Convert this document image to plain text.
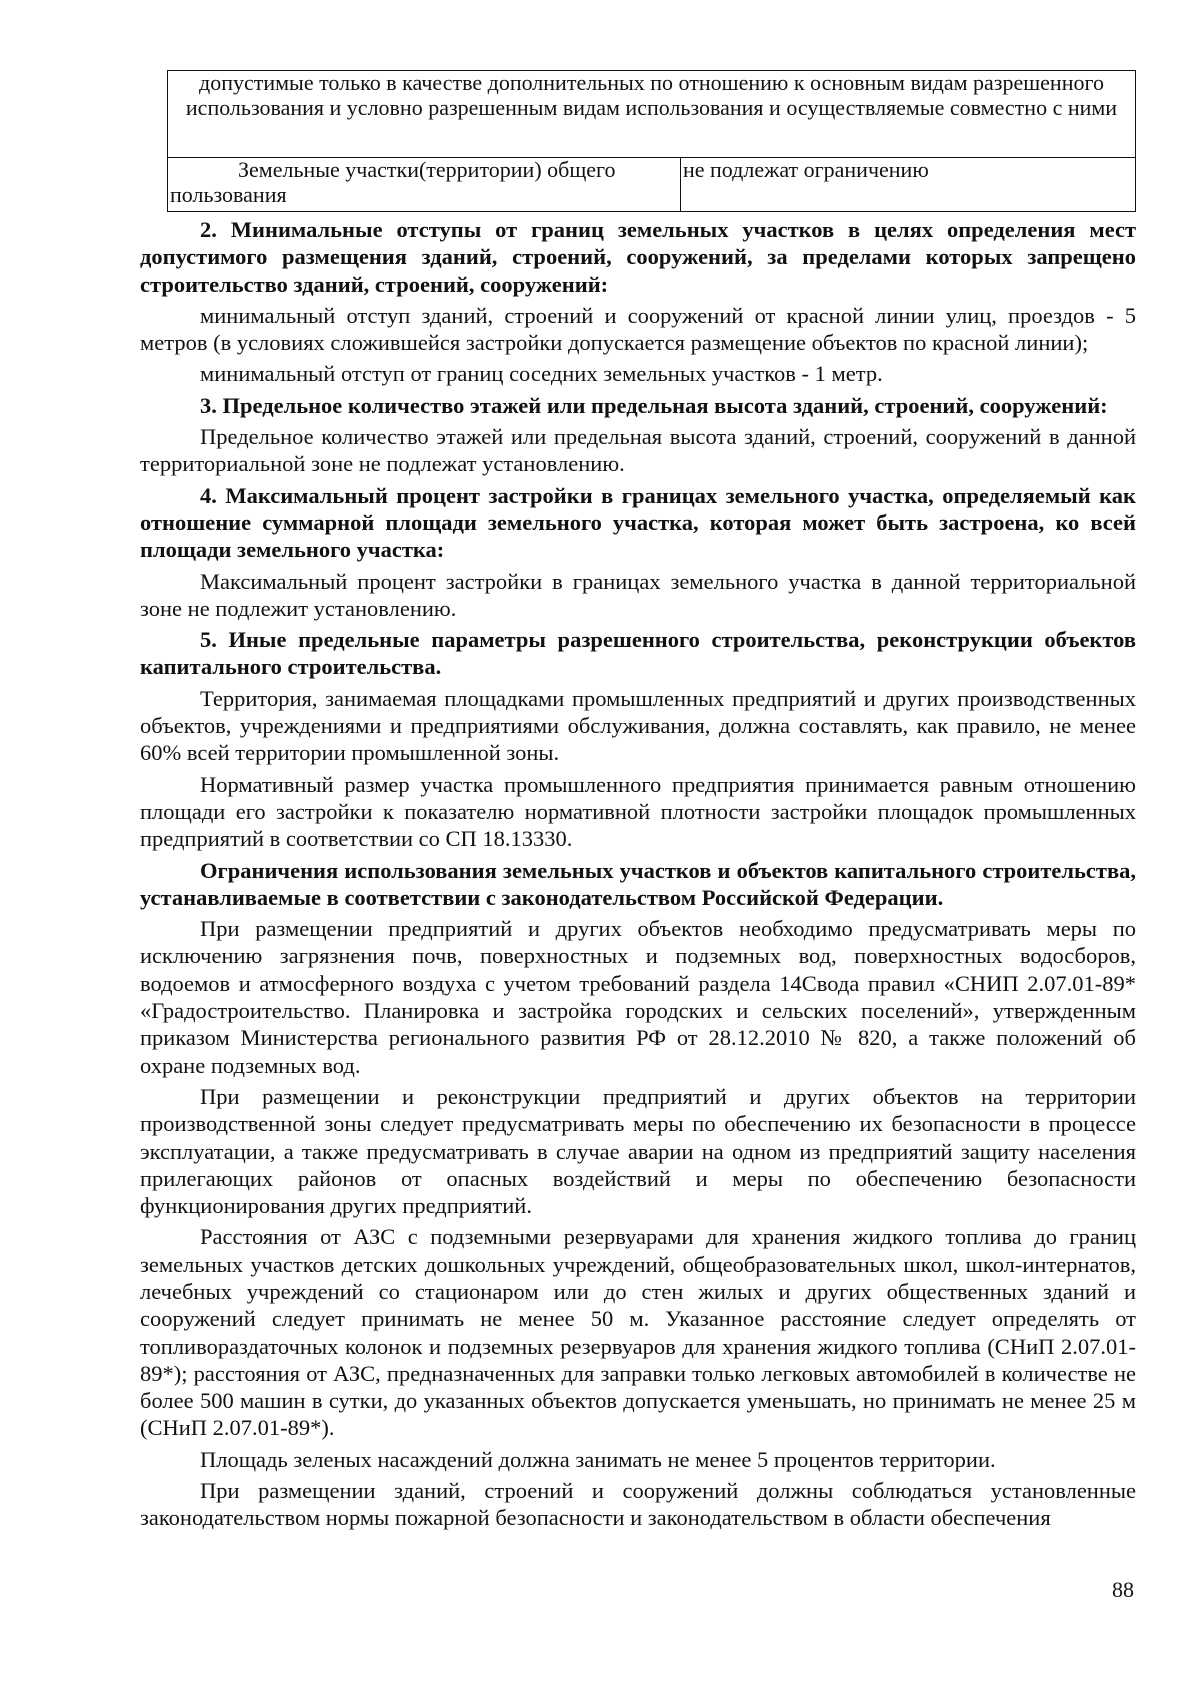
допустимые только в качестве дополнительных по отношению к основным видам разрешенного использования и условно разрешенным видам использования и осуществляемые совместно с ними
Земельные участки(территории) общего пользования	не подлежат ограничению

2. Минимальные отступы от границ земельных участков в целях определения мест допустимого размещения зданий, строений, сооружений, за пределами которых запрещено строительство зданий, строений, сооружений:

минимальный отступ зданий, строений и сооружений от красной линии улиц, проездов - 5 метров (в условиях сложившейся застройки допускается размещение объектов по красной линии);

минимальный отступ от границ соседних земельных участков - 1 метр.

3. Предельное количество этажей или предельная высота зданий, строений, сооружений:

Предельное количество этажей или предельная высота зданий, строений, сооружений в данной территориальной зоне не подлежат установлению.

4. Максимальный процент застройки в границах земельного участка, определяемый как отношение суммарной площади земельного участка, которая может быть застроена, ко всей площади земельного участка:

Максимальный процент застройки в границах земельного участка в данной территориальной зоне не подлежит установлению.

5. Иные предельные параметры разрешенного строительства, реконструкции объектов капитального строительства.

Территория, занимаемая площадками промышленных предприятий и других производственных объектов, учреждениями и предприятиями обслуживания, должна составлять, как правило, не менее 60% всей территории промышленной зоны.

Нормативный размер участка промышленного предприятия принимается равным отношению площади его застройки к показателю нормативной плотности застройки площадок промышленных предприятий в соответствии со СП 18.13330.

Ограничения использования земельных участков и объектов капитального строительства, устанавливаемые в соответствии с законодательством Российской Федерации.

При размещении предприятий и других объектов необходимо предусматривать меры по исключению загрязнения почв, поверхностных и подземных вод, поверхностных водосборов, водоемов и атмосферного воздуха с учетом требований раздела 14Свода правил «СНИП 2.07.01-89* «Градостроительство. Планировка и застройка городских и сельских поселений», утвержденным приказом Министерства регионального развития РФ от 28.12.2010 № 820, а также положений об охране подземных вод.

При размещении и реконструкции предприятий и других объектов на территории производственной зоны следует предусматривать меры по обеспечению их безопасности в процессе эксплуатации, а также предусматривать в случае аварии на одном из предприятий защиту населения прилегающих районов от опасных воздействий и меры по обеспечению безопасности функционирования других предприятий.

Расстояния от АЗС с подземными резервуарами для хранения жидкого топлива до границ земельных участков детских дошкольных учреждений, общеобразовательных школ, школ-интернатов, лечебных учреждений со стационаром или до стен жилых и других общественных зданий и сооружений следует принимать не менее 50 м. Указанное расстояние следует определять от топливораздаточных колонок и подземных резервуаров для хранения жидкого топлива (СНиП 2.07.01-89*); расстояния от АЗС, предназначенных для заправки только легковых автомобилей в количестве не более 500 машин в сутки, до указанных объектов допускается уменьшать, но принимать не менее 25 м (СНиП 2.07.01-89*).

Площадь зеленых насаждений должна занимать не менее 5 процентов территории.

При размещении зданий, строений и сооружений должны соблюдаться установленные законодательством нормы пожарной безопасности и законодательством в области обеспечения

88
